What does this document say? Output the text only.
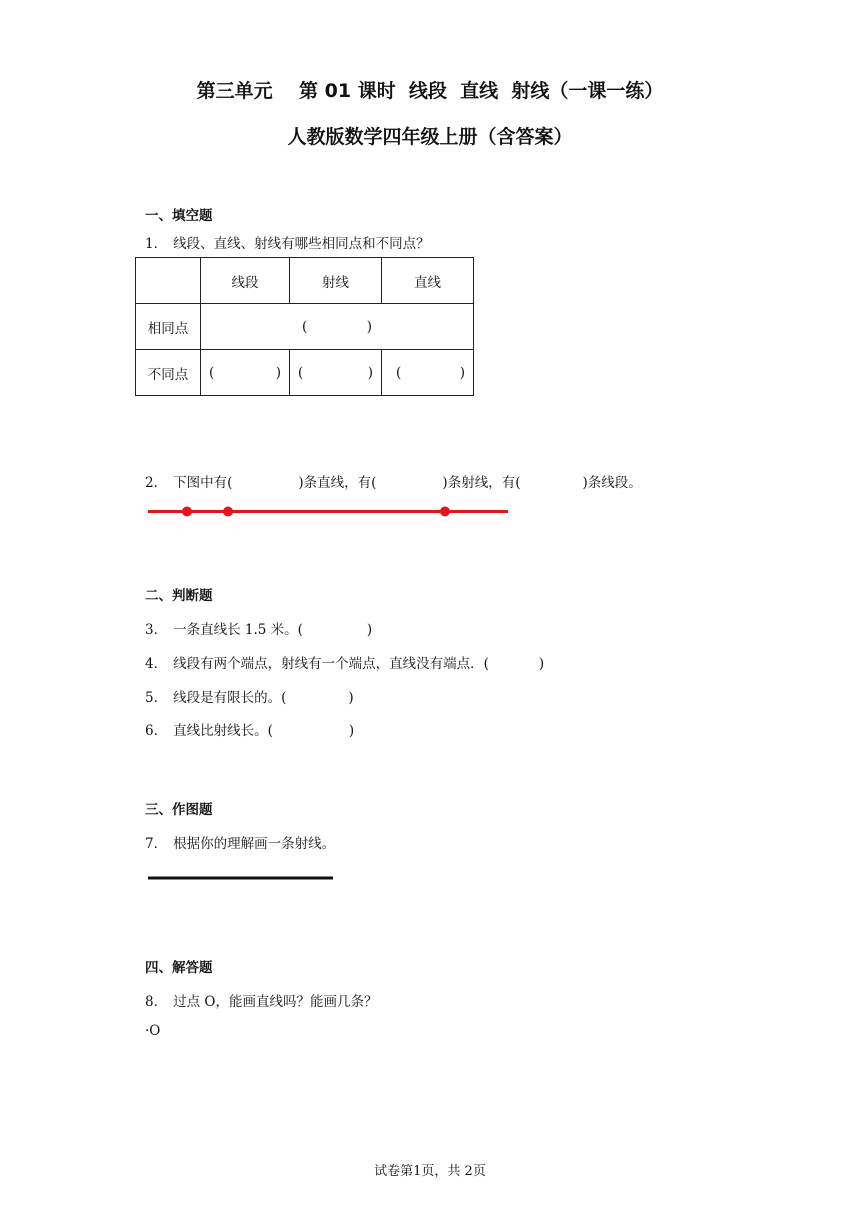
第三单元    第 01 课时  线段  直线  射线（一课一练）
人教版数学四年级上册（含答案）
一、填空题
1． 线段、直线、射线有哪些相同点和不同点？
	线段	射线	直线
相同点	( )		

不同点	( )	( )	( )
2． 下图中有(	)条直线，有(	)条射线，有(	)条线段。
二、判断题
3． 一条直线长 1.5 米。(	)
4． 线段有两个端点，射线有一个端点，直线没有端点．(	)
5． 线段是有限长的。(	)
6． 直线比射线长。(	)
三、作图题
7． 根据你的理解画一条射线。
四、解答题
8． 过点 O，能画直线吗？能画几条？
·O
试卷第1页，共 2页
